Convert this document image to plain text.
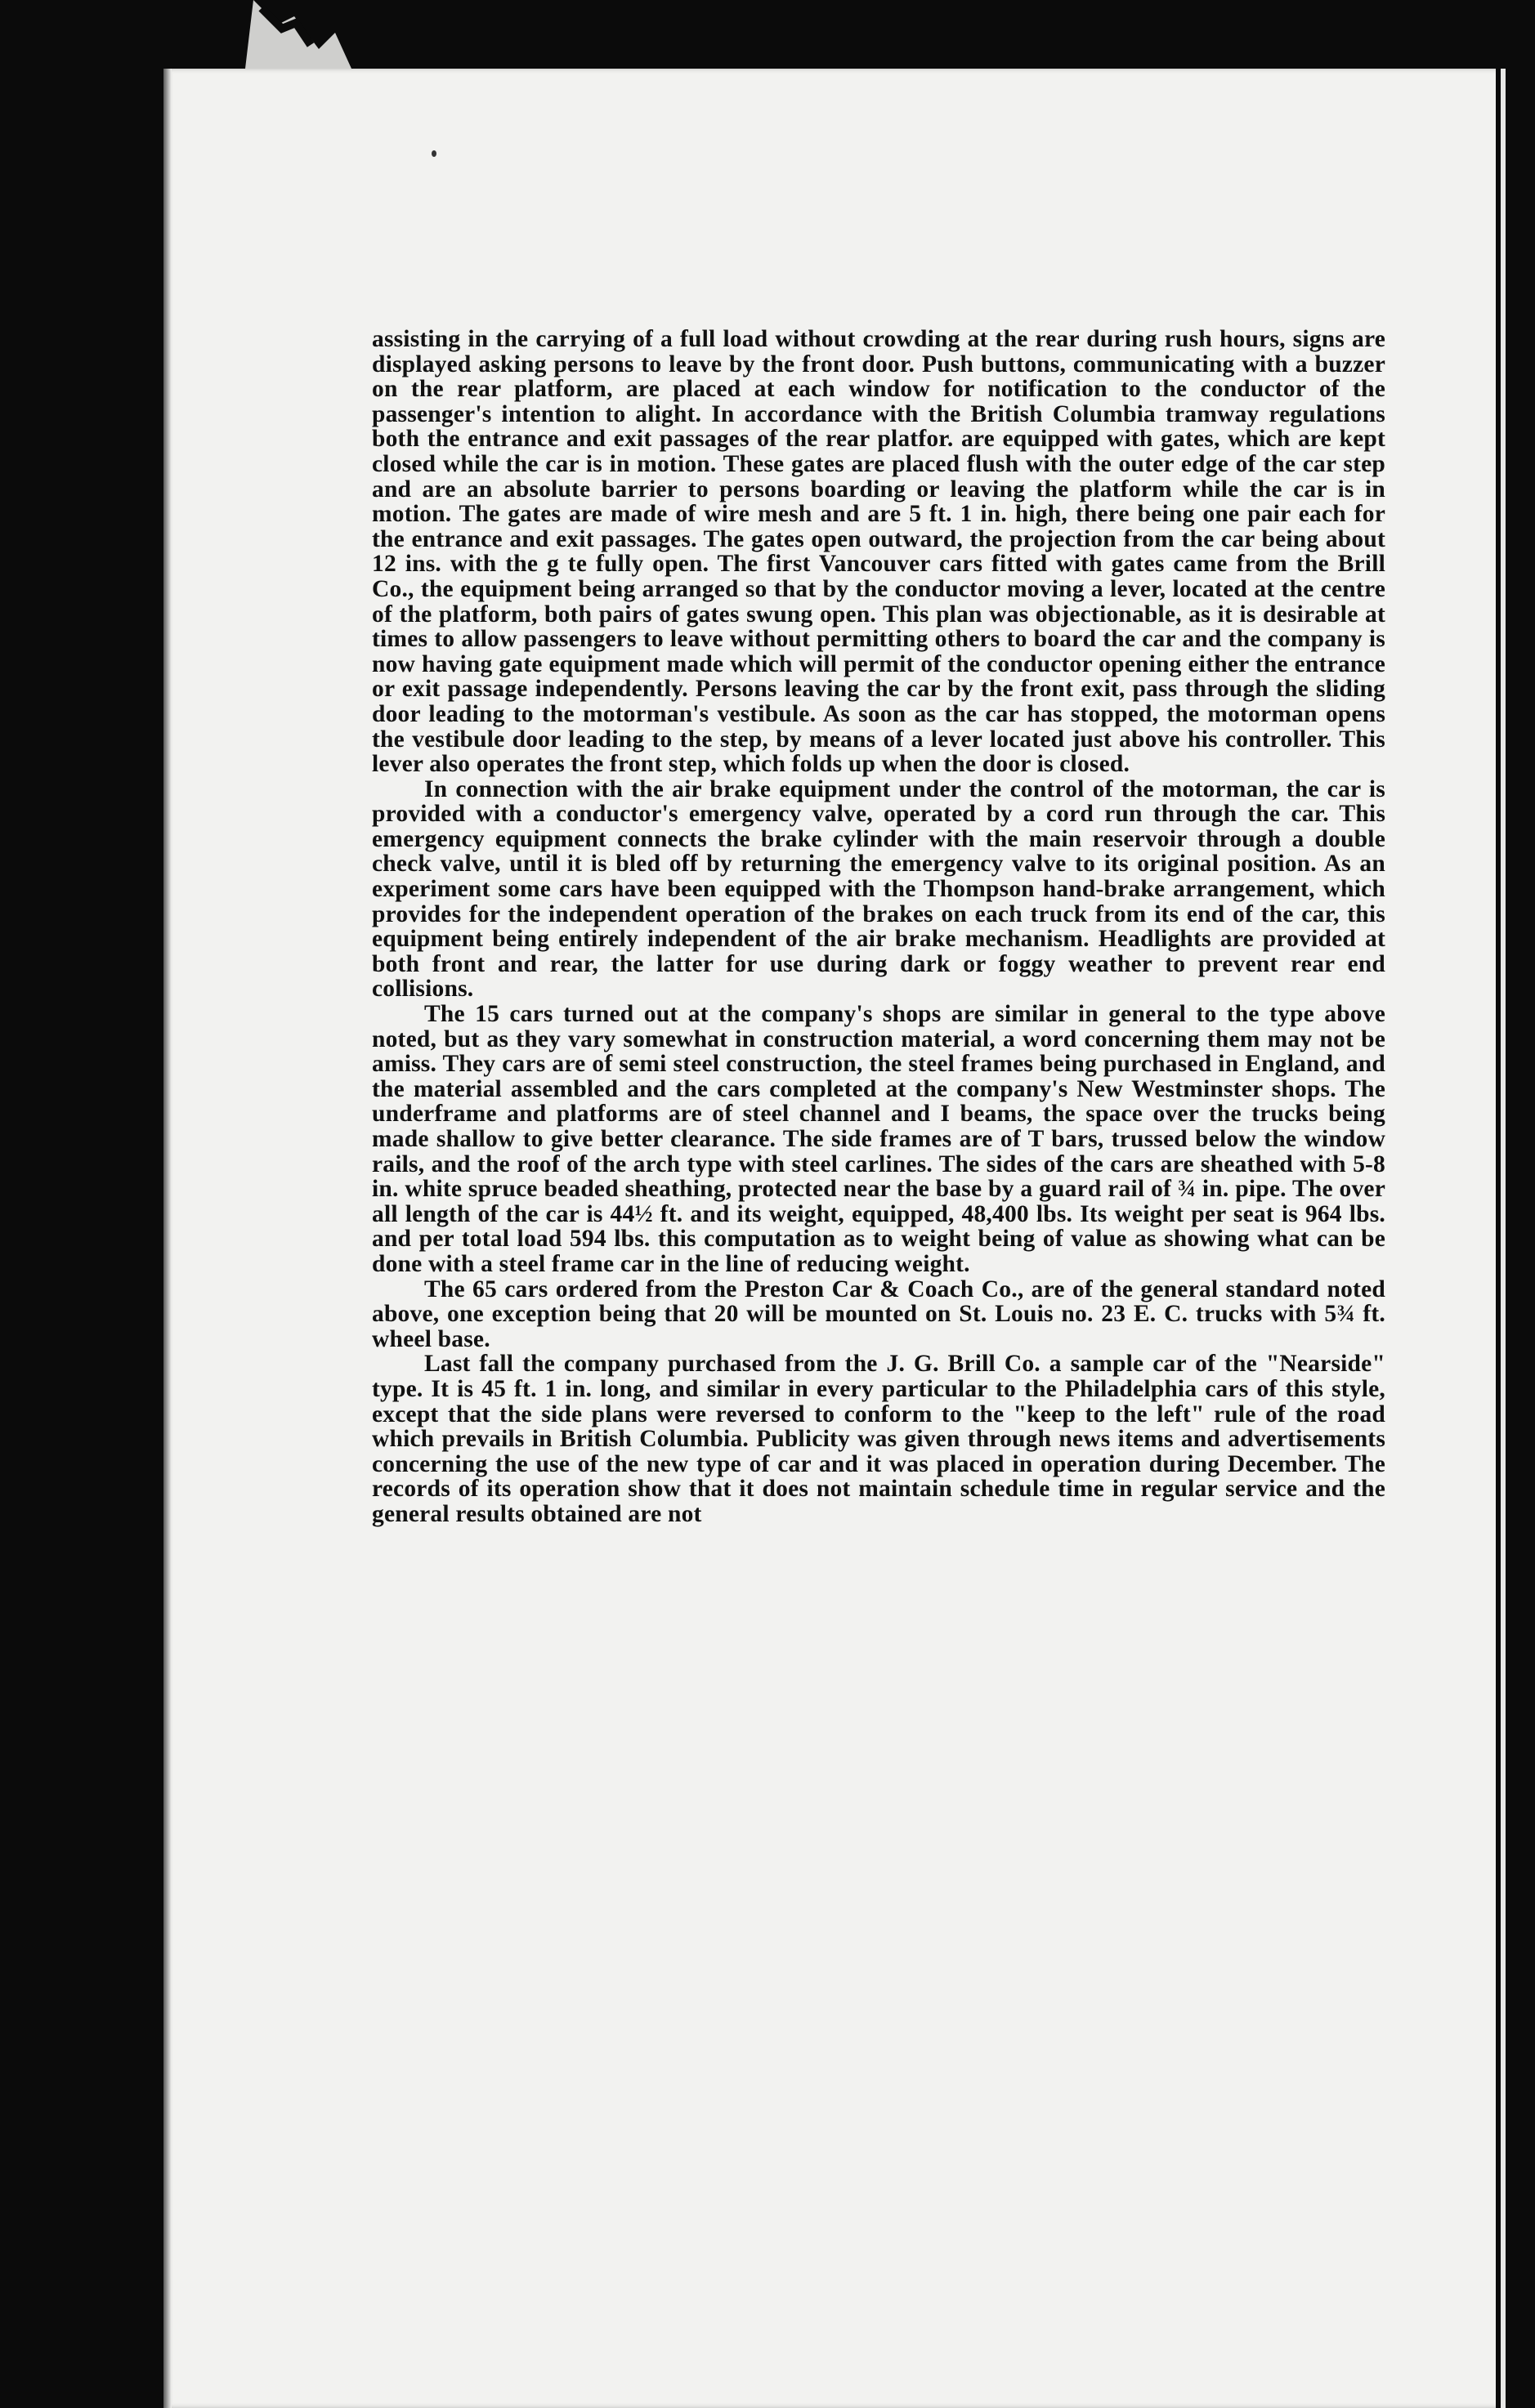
assisting in the carrying of a full load without crowding at the rear during rush hours, signs are displayed asking persons to leave by the front door. Push buttons, communicating with a buzzer on the rear platform, are placed at each window for notification to the conductor of the passenger's intention to alight. In accordance with the British Columbia tramway regulations both the entrance and exit passages of the rear platfor. are equipped with gates, which are kept closed while the car is in motion. These gates are placed flush with the outer edge of the car step and are an absolute barrier to persons boarding or leaving the platform while the car is in motion. The gates are made of wire mesh and are 5 ft. 1 in. high, there being one pair each for the entrance and exit passages. The gates open outward, the projection from the car being about 12 ins. with the g te fully open. The first Vancouver cars fitted with gates came from the Brill Co., the equipment being arranged so that by the conductor moving a lever, located at the centre of the platform, both pairs of gates swung open. This plan was objectionable, as it is desirable at times to allow passengers to leave without permitting others to board the car and the company is now having gate equipment made which will permit of the conductor opening either the entrance or exit passage independently. Persons leaving the car by the front exit, pass through the sliding door leading to the motorman's vestibule. As soon as the car has stopped, the motorman opens the vestibule door leading to the step, by means of a lever located just above his controller. This lever also operates the front step, which folds up when the door is closed.

In connection with the air brake equipment under the control of the motorman, the car is provided with a conductor's emergency valve, operated by a cord run through the car. This emergency equipment connects the brake cylinder with the main reservoir through a double check valve, until it is bled off by returning the emergency valve to its original position. As an experiment some cars have been equipped with the Thompson hand-brake arrangement, which provides for the independent operation of the brakes on each truck from its end of the car, this equipment being entirely independent of the air brake mechanism. Headlights are provided at both front and rear, the latter for use during dark or foggy weather to prevent rear end collisions.

The 15 cars turned out at the company's shops are similar in general to the type above noted, but as they vary somewhat in construction material, a word concerning them may not be amiss. They cars are of semi steel construction, the steel frames being purchased in England, and the material assembled and the cars completed at the company's New Westminster shops. The underframe and platforms are of steel channel and I beams, the space over the trucks being made shallow to give better clearance. The side frames are of T bars, trussed below the window rails, and the roof of the arch type with steel carlines. The sides of the cars are sheathed with 5-8 in. white spruce beaded sheathing, protected near the base by a guard rail of ¾ in. pipe. The over all length of the car is 44½ ft. and its weight, equipped, 48,400 lbs. Its weight per seat is 964 lbs. and per total load 594 lbs. this computation as to weight being of value as showing what can be done with a steel frame car in the line of reducing weight.

The 65 cars ordered from the Preston Car & Coach Co., are of the general standard noted above, one exception being that 20 will be mounted on St. Louis no. 23 E. C. trucks with 5¾ ft. wheel base.

Last fall the company purchased from the J. G. Brill Co. a sample car of the "Nearside" type. It is 45 ft. 1 in. long, and similar in every particular to the Philadelphia cars of this style, except that the side plans were reversed to conform to the "keep to the left" rule of the road which prevails in British Columbia. Publicity was given through news items and advertisements concerning the use of the new type of car and it was placed in operation during December. The records of its operation show that it does not maintain schedule time in regular service and the general results obtained are not
